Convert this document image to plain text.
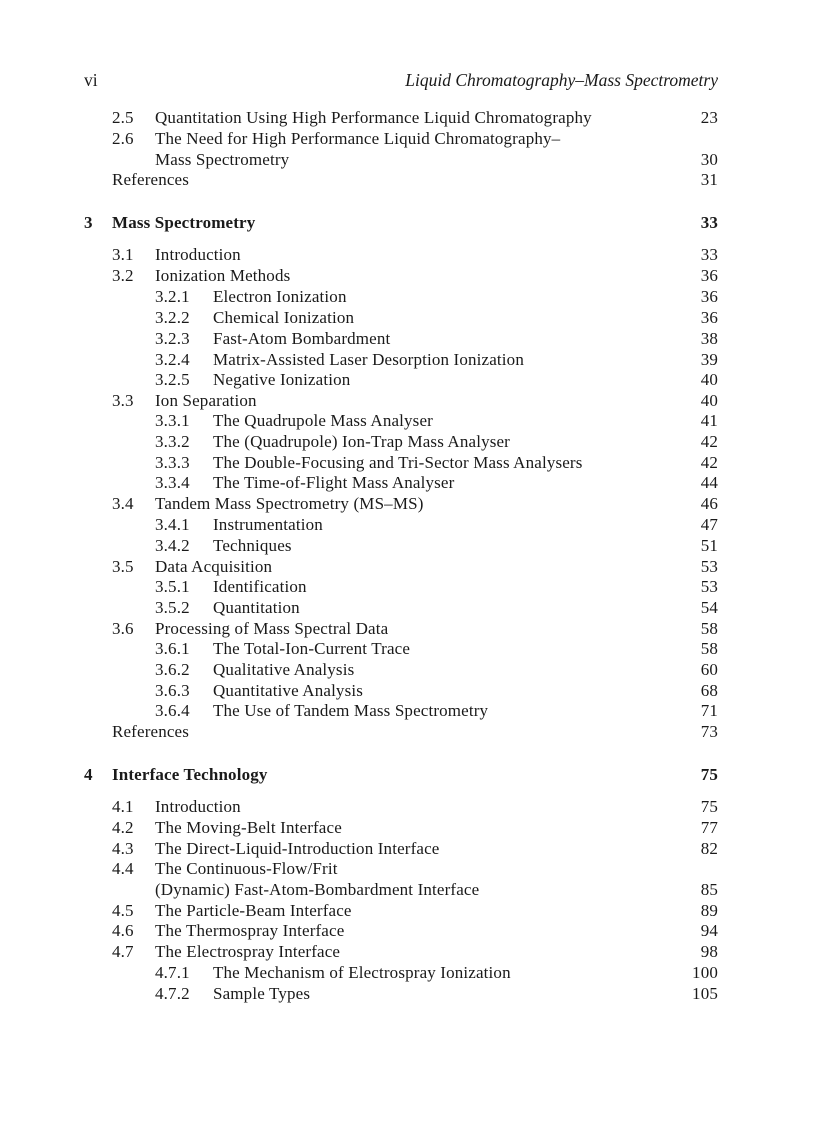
vi	Liquid Chromatography–Mass Spectrometry
2.5 Quantitation Using High Performance Liquid Chromatography	23
2.6 The Need for High Performance Liquid Chromatography–
Mass Spectrometry	30
References	31
3 Mass Spectrometry	33
3.1 Introduction	33
3.2 Ionization Methods	36
3.2.1 Electron Ionization	36
3.2.2 Chemical Ionization	36
3.2.3 Fast-Atom Bombardment	38
3.2.4 Matrix-Assisted Laser Desorption Ionization	39
3.2.5 Negative Ionization	40
3.3 Ion Separation	40
3.3.1 The Quadrupole Mass Analyser	41
3.3.2 The (Quadrupole) Ion-Trap Mass Analyser	42
3.3.3 The Double-Focusing and Tri-Sector Mass Analysers	42
3.3.4 The Time-of-Flight Mass Analyser	44
3.4 Tandem Mass Spectrometry (MS–MS)	46
3.4.1 Instrumentation	47
3.4.2 Techniques	51
3.5 Data Acquisition	53
3.5.1 Identification	53
3.5.2 Quantitation	54
3.6 Processing of Mass Spectral Data	58
3.6.1 The Total-Ion-Current Trace	58
3.6.2 Qualitative Analysis	60
3.6.3 Quantitative Analysis	68
3.6.4 The Use of Tandem Mass Spectrometry	71
References	73
4 Interface Technology	75
4.1 Introduction	75
4.2 The Moving-Belt Interface	77
4.3 The Direct-Liquid-Introduction Interface	82
4.4 The Continuous-Flow/Frit
(Dynamic) Fast-Atom-Bombardment Interface	85
4.5 The Particle-Beam Interface	89
4.6 The Thermospray Interface	94
4.7 The Electrospray Interface	98
4.7.1 The Mechanism of Electrospray Ionization	100
4.7.2 Sample Types	105
